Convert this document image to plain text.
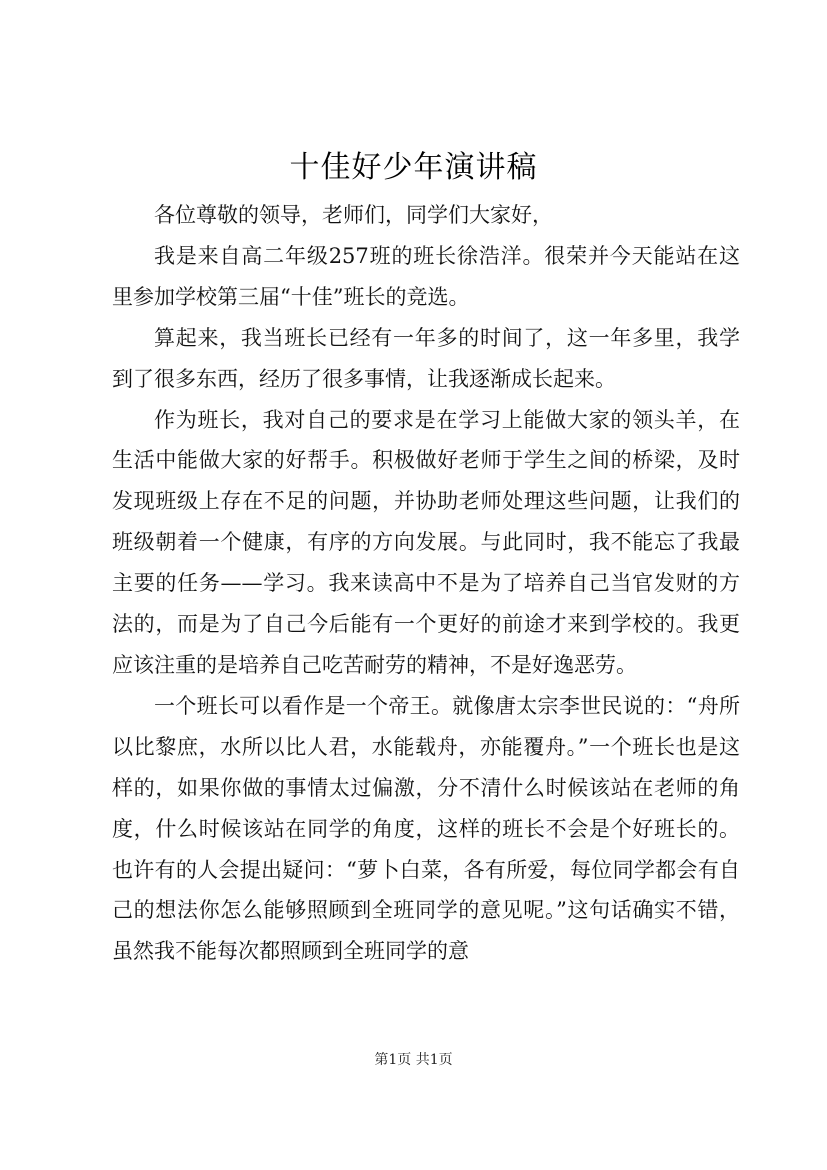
十佳好少年演讲稿

各位尊敬的领导，老师们，同学们大家好，

我是来自高二年级257班的班长徐浩洋。很荣并今天能站在这里参加学校第三届“十佳”班长的竞选。

算起来，我当班长已经有一年多的时间了，这一年多里，我学到了很多东西，经历了很多事情，让我逐渐成长起来。

作为班长，我对自己的要求是在学习上能做大家的领头羊，在生活中能做大家的好帮手。积极做好老师于学生之间的桥梁，及时发现班级上存在不足的问题，并协助老师处理这些问题，让我们的班级朝着一个健康，有序的方向发展。与此同时，我不能忘了我最主要的任务——学习。我来读高中不是为了培养自己当官发财的方法的，而是为了自己今后能有一个更好的前途才来到学校的。我更应该注重的是培养自己吃苦耐劳的精神，不是好逸恶劳。

一个班长可以看作是一个帝王。就像唐太宗李世民说的：“舟所以比黎庶，水所以比人君，水能载舟，亦能覆舟。”一个班长也是这样的，如果你做的事情太过偏激，分不清什么时候该站在老师的角度，什么时候该站在同学的角度，这样的班长不会是个好班长的。也许有的人会提出疑问：“萝卜白菜，各有所爱，每位同学都会有自己的想法你怎么能够照顾到全班同学的意见呢。”这句话确实不错，虽然我不能每次都照顾到全班同学的意

第1页 共1页
